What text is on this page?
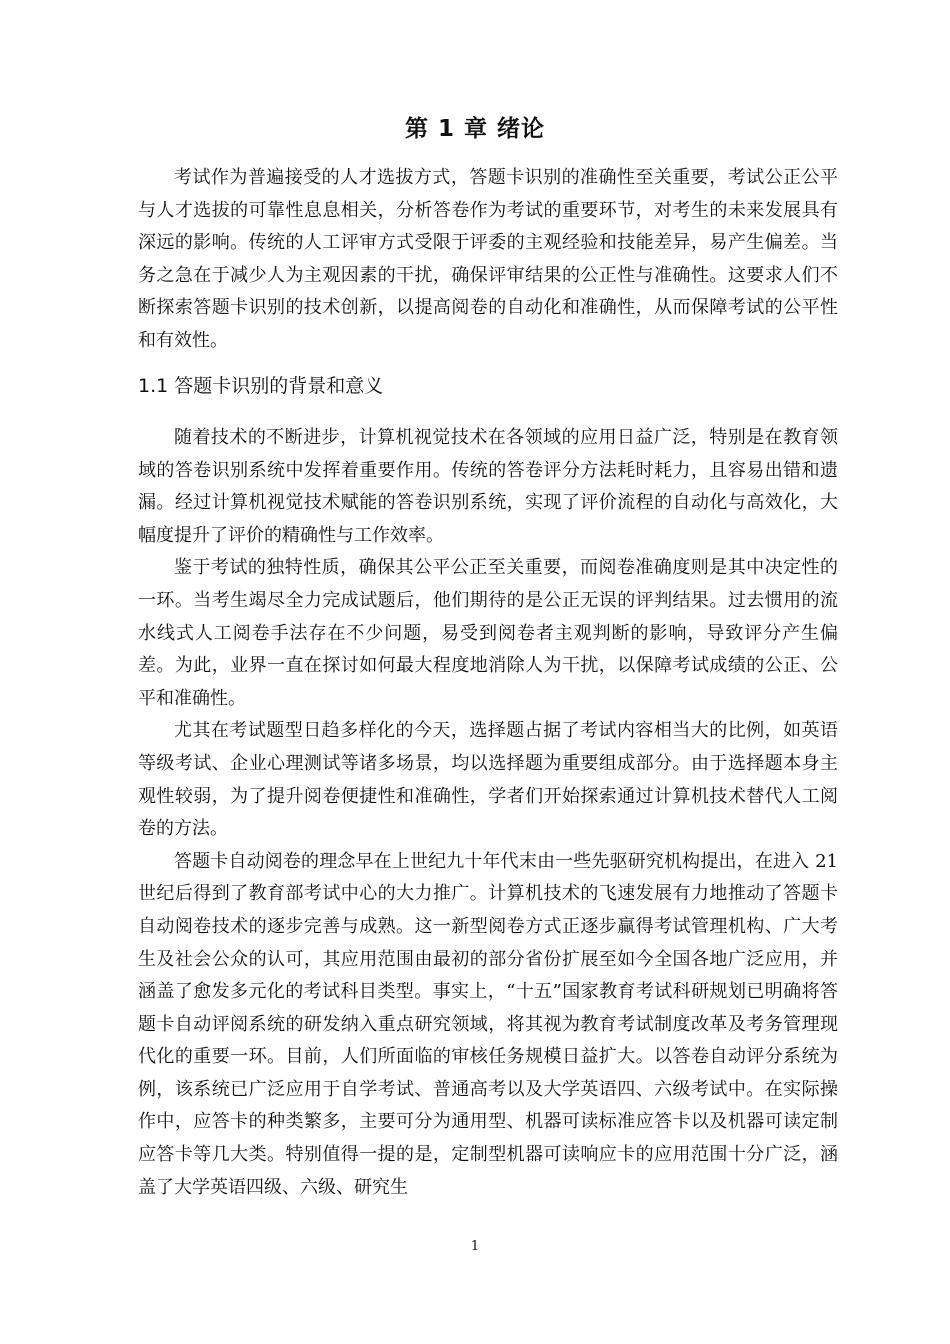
第 1 章 绪论

考试作为普遍接受的人才选拔方式，答题卡识别的准确性至关重要，考试公正公平与人才选拔的可靠性息息相关，分析答卷作为考试的重要环节，对考生的未来发展具有深远的影响。传统的人工评审方式受限于评委的主观经验和技能差异，易产生偏差。当务之急在于减少人为主观因素的干扰，确保评审结果的公正性与准确性。这要求人们不断探索答题卡识别的技术创新，以提高阅卷的自动化和准确性，从而保障考试的公平性和有效性。

1.1 答题卡识别的背景和意义

随着技术的不断进步，计算机视觉技术在各领域的应用日益广泛，特别是在教育领域的答卷识别系统中发挥着重要作用。传统的答卷评分方法耗时耗力，且容易出错和遗漏。经过计算机视觉技术赋能的答卷识别系统，实现了评价流程的自动化与高效化，大幅度提升了评价的精确性与工作效率。

鉴于考试的独特性质，确保其公平公正至关重要，而阅卷准确度则是其中决定性的一环。当考生竭尽全力完成试题后，他们期待的是公正无误的评判结果。过去惯用的流水线式人工阅卷手法存在不少问题，易受到阅卷者主观判断的影响，导致评分产生偏差。为此，业界一直在探讨如何最大程度地消除人为干扰，以保障考试成绩的公正、公平和准确性。

尤其在考试题型日趋多样化的今天，选择题占据了考试内容相当大的比例，如英语等级考试、企业心理测试等诸多场景，均以选择题为重要组成部分。由于选择题本身主观性较弱，为了提升阅卷便捷性和准确性，学者们开始探索通过计算机技术替代人工阅卷的方法。

答题卡自动阅卷的理念早在上世纪九十年代末由一些先驱研究机构提出，在进入 21 世纪后得到了教育部考试中心的大力推广。计算机技术的飞速发展有力地推动了答题卡自动阅卷技术的逐步完善与成熟。这一新型阅卷方式正逐步赢得考试管理机构、广大考生及社会公众的认可，其应用范围由最初的部分省份扩展至如今全国各地广泛应用，并涵盖了愈发多元化的考试科目类型。事实上，“十五”国家教育考试科研规划已明确将答题卡自动评阅系统的研发纳入重点研究领域，将其视为教育考试制度改革及考务管理现代化的重要一环。目前，人们所面临的审核任务规模日益扩大。以答卷自动评分系统为例，该系统已广泛应用于自学考试、普通高考以及大学英语四、六级考试中。在实际操作中，应答卡的种类繁多，主要可分为通用型、机器可读标准应答卡以及机器可读定制应答卡等几大类。特别值得一提的是，定制型机器可读响应卡的应用范围十分广泛，涵盖了大学英语四级、六级、研究生

1
